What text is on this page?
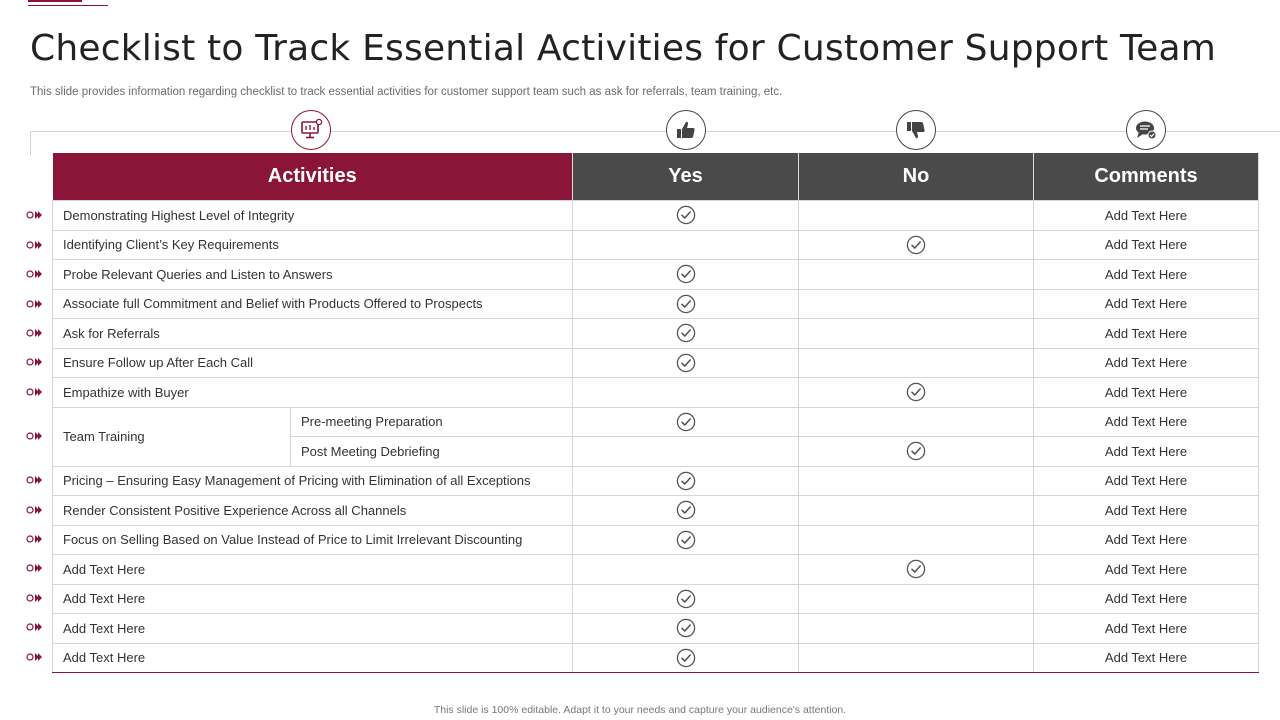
Checklist to Track Essential Activities for Customer Support Team
This slide provides information regarding checklist to track essential activities for customer support team such as ask for referrals, team training, etc.
Activities		Yes	No	Comments
Demonstrating Highest Level of Integrity				Add Text Here
Identifying Client’s Key Requirements				Add Text Here
Probe Relevant Queries and Listen to Answers				Add Text Here
Associate full Commitment and Belief with Products Offered to Prospects				Add Text Here
Ask for Referrals				Add Text Here
Ensure Follow up After Each Call				Add Text Here
Empathize with Buyer				Add Text Here
Team Training	Pre-meeting Preparation			Add Text Here
	Post Meeting Debriefing			Add Text Here
Pricing – Ensuring Easy Management of Pricing with Elimination of all Exceptions				Add Text Here
Render Consistent Positive Experience Across all Channels				Add Text Here
Focus on Selling Based on Value Instead of Price to Limit Irrelevant Discounting				Add Text Here
Add Text Here				Add Text Here
Add Text Here				Add Text Here
Add Text Here				Add Text Here
Add Text Here				Add Text Here
This slide is 100% editable. Adapt it to your needs and capture your audience's attention.
